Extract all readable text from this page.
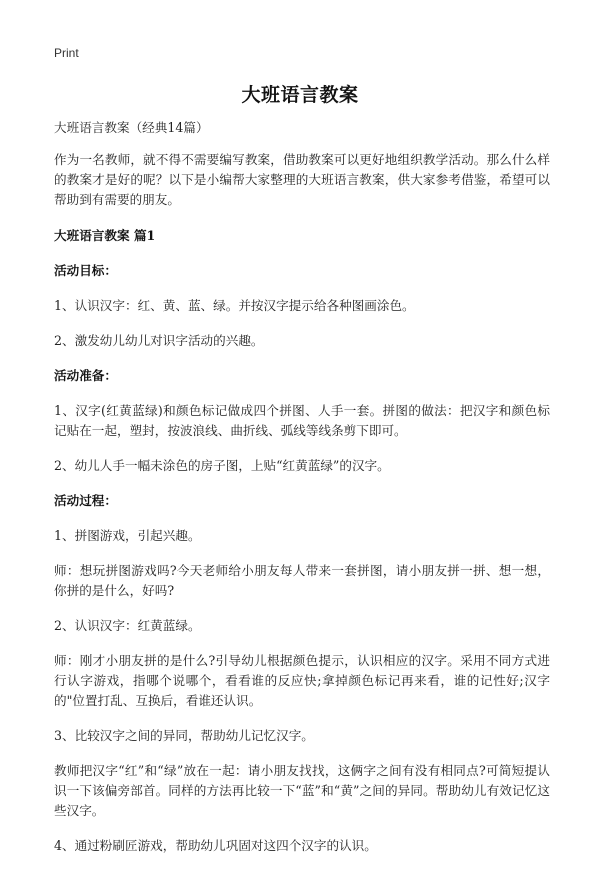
Print
大班语言教案

大班语言教案（经典14篇）

作为一名教师，就不得不需要编写教案，借助教案可以更好地组织教学活动。那么什么样的教案才是好的呢？以下是小编帮大家整理的大班语言教案，供大家参考借鉴，希望可以帮助到有需要的朋友。

大班语言教案 篇1

活动目标：

1、认识汉字：红、黄、蓝、绿。并按汉字提示给各种图画涂色。

2、激发幼儿幼儿对识字活动的兴趣。

活动准备：

1、汉字(红黄蓝绿)和颜色标记做成四个拼图、人手一套。拼图的做法：把汉字和颜色标记贴在一起，塑封，按波浪线、曲折线、弧线等线条剪下即可。

2、幼儿人手一幅未涂色的房子图，上贴“红黄蓝绿”的汉字。

活动过程：

1、拼图游戏，引起兴趣。

师：想玩拼图游戏吗?今天老师给小朋友每人带来一套拼图，请小朋友拼一拼、想一想，你拼的是什么，好吗?

2、认识汉字：红黄蓝绿。

师：刚才小朋友拼的是什么?引导幼儿根据颜色提示，认识相应的汉字。采用不同方式进行认字游戏，指哪个说哪个，看看谁的反应快;拿掉颜色标记再来看，谁的记性好;汉字的"位置打乱、互换后，看谁还认识。

3、比较汉字之间的异同，帮助幼儿记忆汉字。

教师把汉字“红”和“绿”放在一起：请小朋友找找，这俩字之间有没有相同点?可简短提认识一下该偏旁部首。同样的方法再比较一下“蓝”和“黄”之间的异同。帮助幼儿有效记忆这些汉字。

4、通过粉刷匠游戏，帮助幼儿巩固对这四个汉字的认识。
